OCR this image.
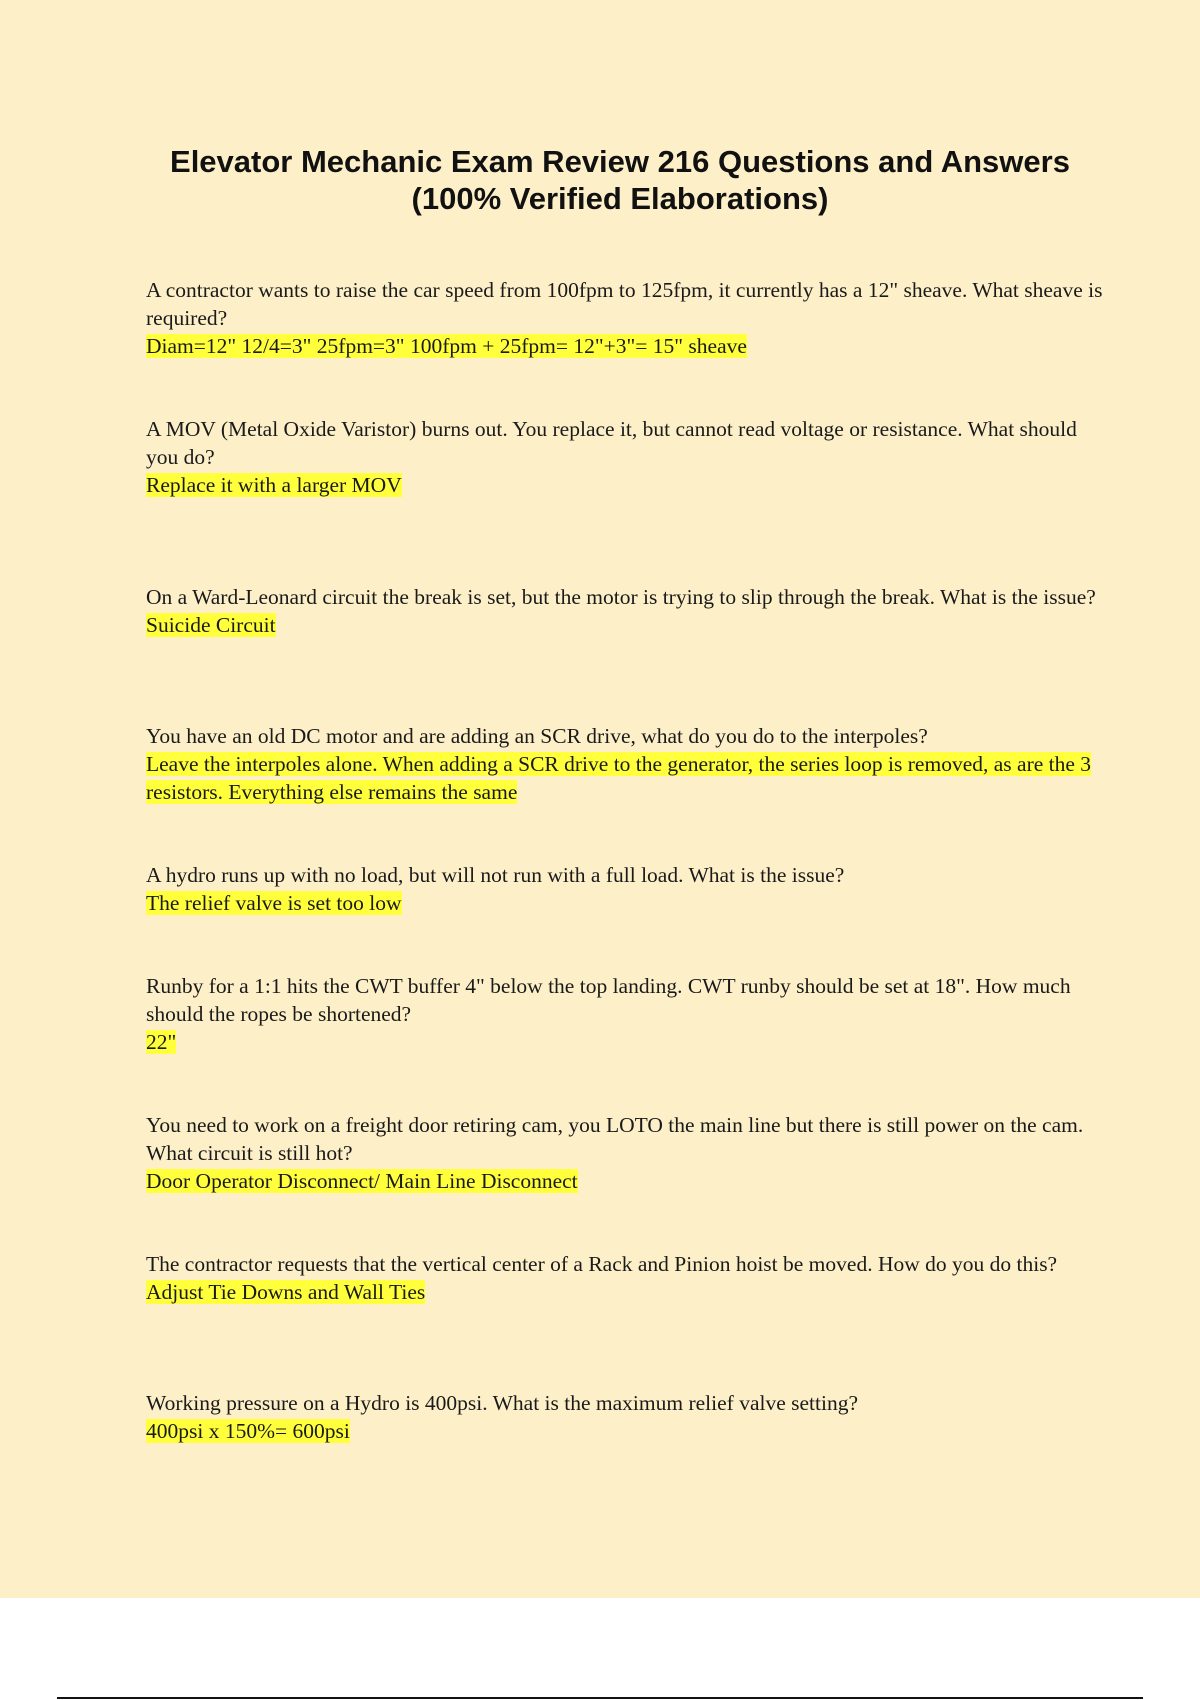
Elevator Mechanic Exam Review 216 Questions and Answers
(100% Verified Elaborations)

A contractor wants to raise the car speed from 100fpm to 125fpm, it currently has a 12" sheave. What sheave is required?

Diam=12" 12/4=3" 25fpm=3" 100fpm + 25fpm= 12"+3"= 15" sheave

A MOV (Metal Oxide Varistor) burns out. You replace it, but cannot read voltage or resistance. What should you do?

Replace it with a larger MOV

On a Ward-Leonard circuit the break is set, but the motor is trying to slip through the break. What is the issue?

Suicide Circuit

You have an old DC motor and are adding an SCR drive, what do you do to the interpoles?

Leave the interpoles alone. When adding a SCR drive to the generator, the series loop is removed, as are the 3 resistors. Everything else remains the same

A hydro runs up with no load, but will not run with a full load. What is the issue?

The relief valve is set too low

Runby for a 1:1 hits the CWT buffer 4" below the top landing. CWT runby should be set at 18". How much should the ropes be shortened?

22"

You need to work on a freight door retiring cam, you LOTO the main line but there is still power on the cam. What circuit is still hot?

Door Operator Disconnect/ Main Line Disconnect

The contractor requests that the vertical center of a Rack and Pinion hoist be moved. How do you do this?

Adjust Tie Downs and Wall Ties

Working pressure on a Hydro is 400psi. What is the maximum relief valve setting?

400psi x 150%= 600psi
